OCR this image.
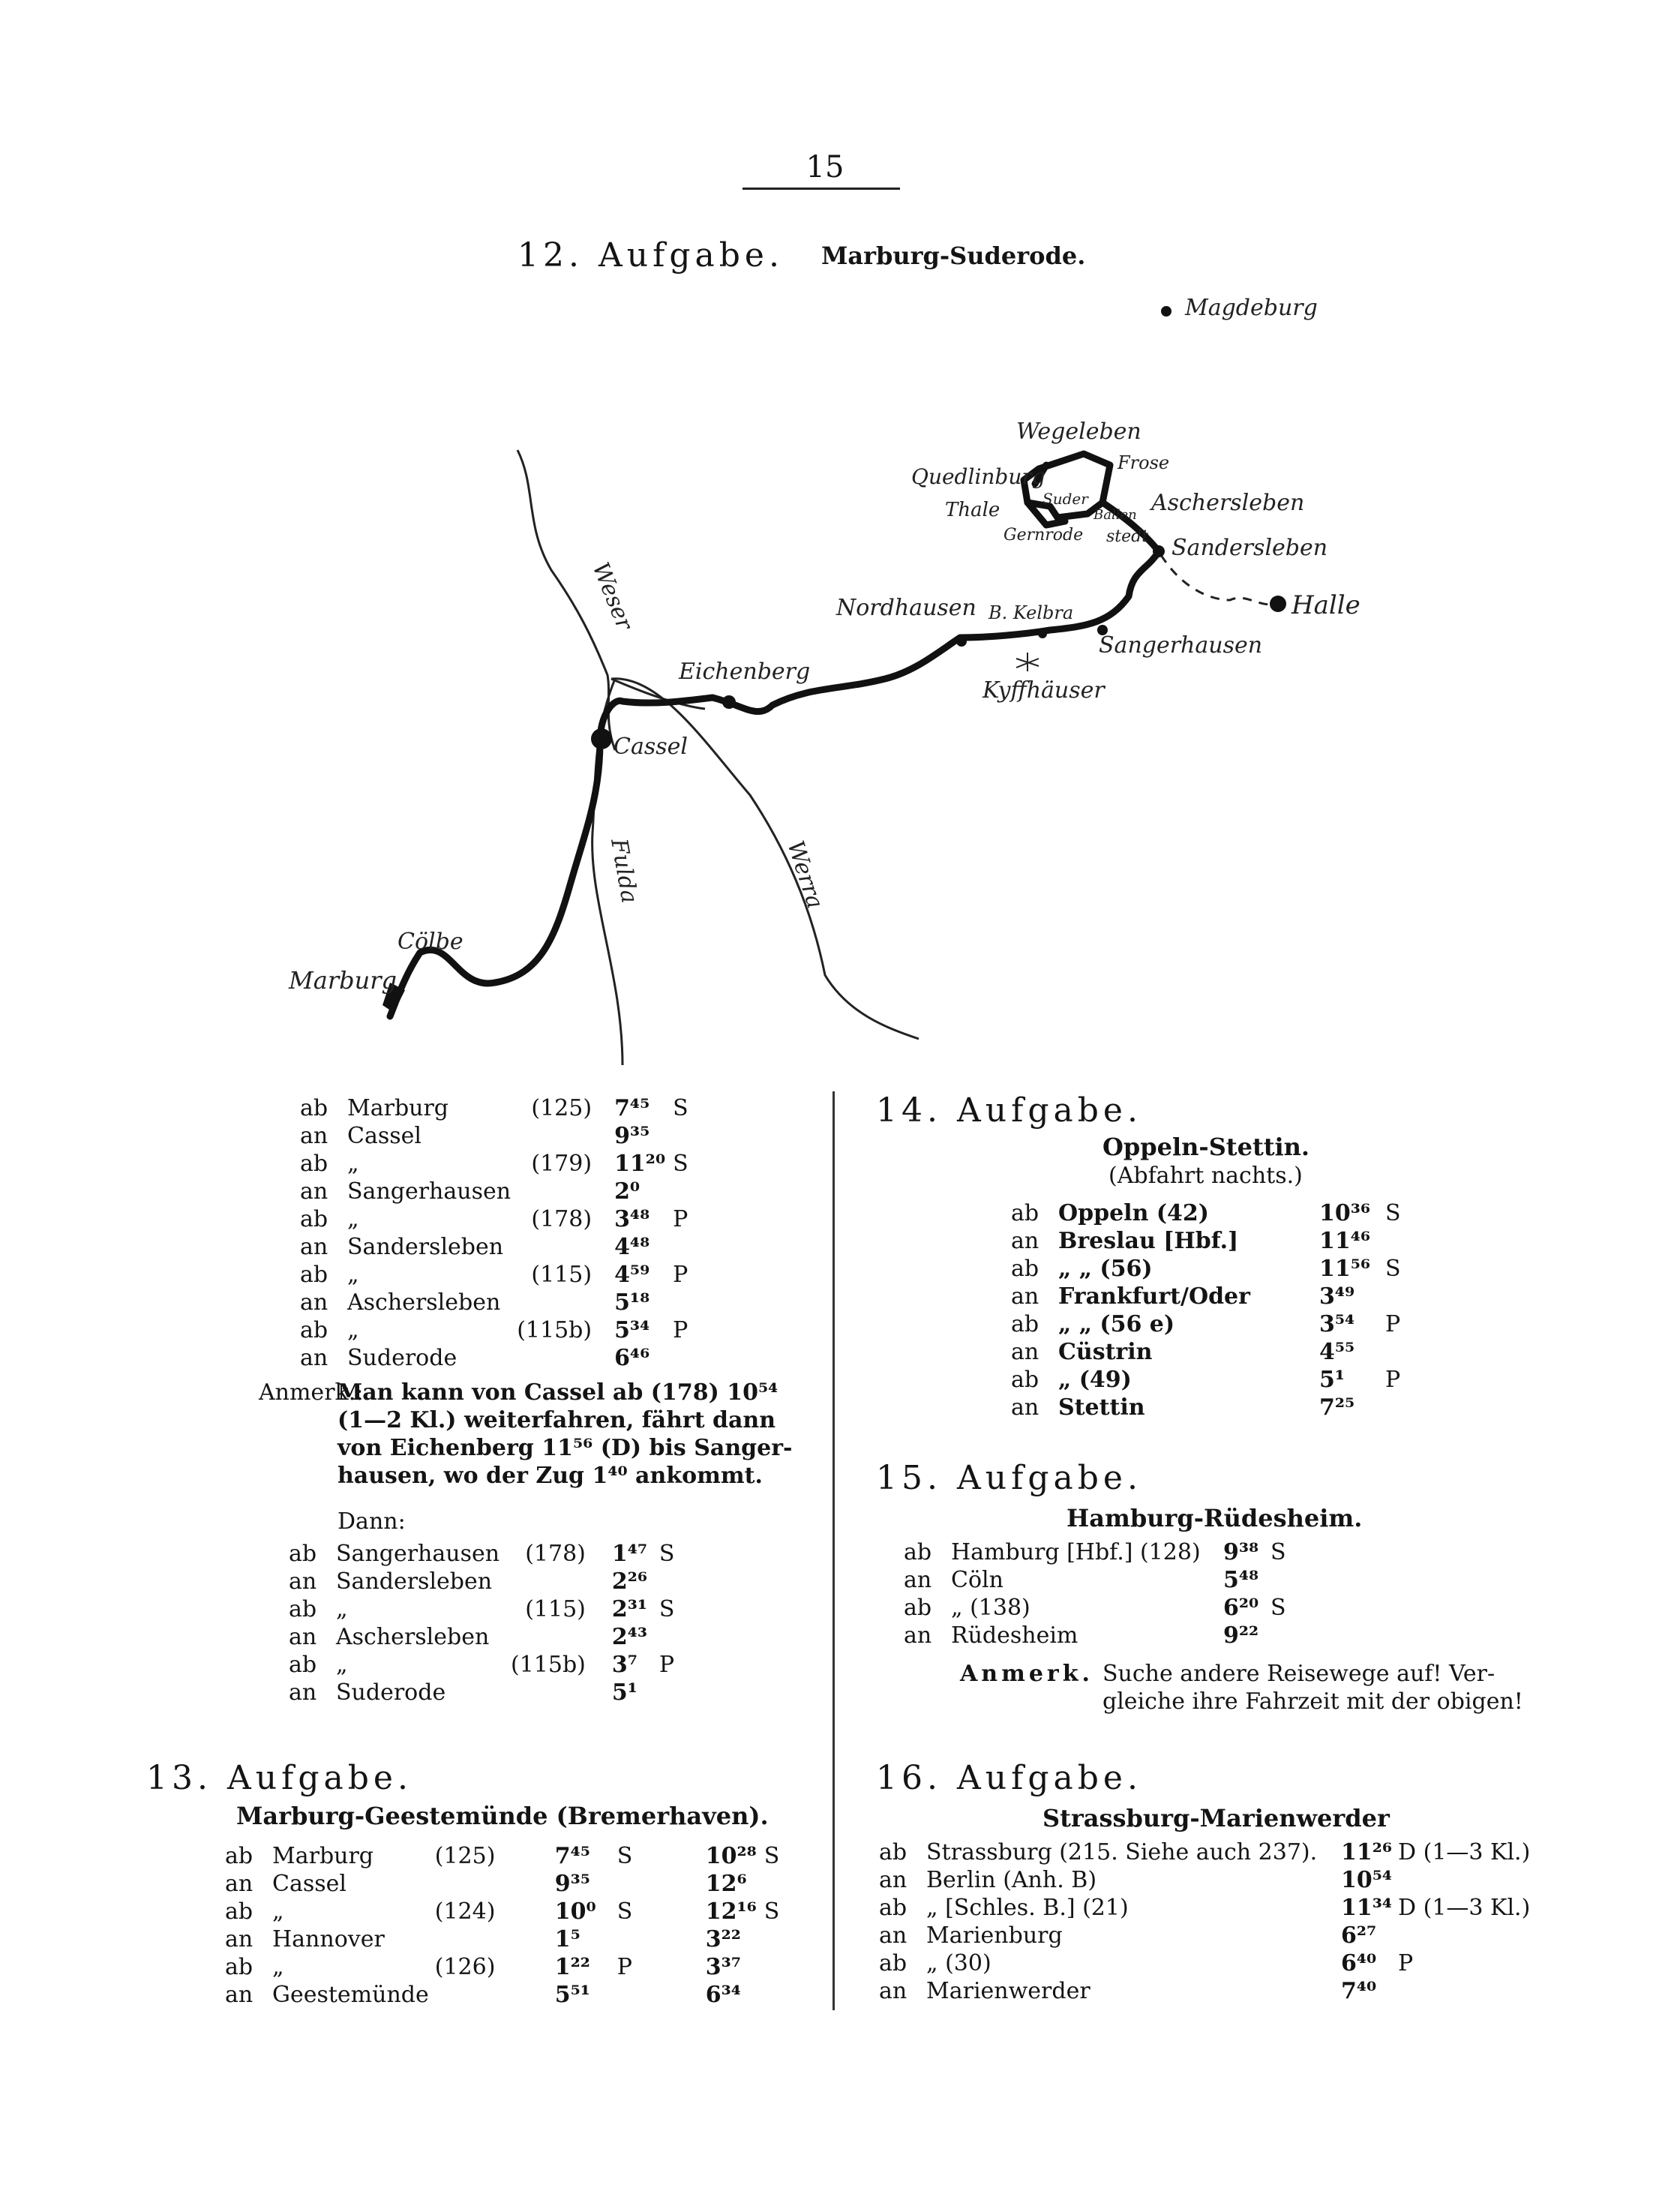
15
12. Aufgabe. Marburg-Suderode.
Magdeburg
Wegeleben
Frose
Quedlinburg
Thale	Suder
Ballen
Gernrode stedt
Aschersleben
Sandersleben
Halle
Nordhausen B. Kelbra
Sangerhausen
Kyffhäuser
Eichenberg
Cassel
Cölbe
Marburg
Weser
Fulda	Werra
ab	Marburg	(125)	7⁴⁵	S
an	Cassel		9³⁵	
ab	„	(179)	11²⁰	S
an	Sangerhausen		2⁰	
ab	„	(178)	3⁴⁸	P
an	Sandersleben		4⁴⁸	
ab	„	(115)	4⁵⁹	P
an	Aschersleben		5¹⁸	
ab	„	(115b)	5³⁴	P
an	Suderode		6⁴⁶	
Anmerk.:
Man kann von Cassel ab (178) 10⁵⁴
(1—2 Kl.) weiterfahren, fährt dann
von Eichenberg 11⁵⁶ (D) bis Sanger-
hausen, wo der Zug 1⁴⁰ ankommt.
Dann:
ab	Sangerhausen	(178)	1⁴⁷	S
an	Sandersleben		2²⁶	
ab	„	(115)	2³¹	S
an	Aschersleben		2⁴³	
ab	„	(115b)	3⁷	P
an	Suderode		5¹	
13. Aufgabe.
Marburg-Geestemünde (Bremerhaven).
ab	Marburg	(125)	7⁴⁵	S	10²⁸	S
an	Cassel		9³⁵		12⁶	
ab	„	(124)	10⁰	S	12¹⁶	S
an	Hannover		1⁵		3²²	
ab	„	(126)	1²²	P	3³⁷	
an	Geestemünde		5⁵¹		6³⁴	
14. Aufgabe.
Oppeln-Stettin.
(Abfahrt nachts.)
ab	Oppeln (42)	10³⁶	S
an	Breslau [Hbf.]	11⁴⁶	
ab	„ „ (56)	11⁵⁶	S
an	Frankfurt/Oder	3⁴⁹	
ab	„ „ (56 e)	3⁵⁴	P
an	Cüstrin	4⁵⁵	
ab	„ (49)	5¹	P
an	Stettin	7²⁵	
15. Aufgabe.
Hamburg-Rüdesheim.
ab	Hamburg [Hbf.] (128)	9³⁸	S
an	Cöln	5⁴⁸	
ab	„ (138)	6²⁰	S
an	Rüdesheim	9²²	
Anmerk. Suche andere Reisewege auf! Ver-
gleiche ihre Fahrzeit mit der obigen!
16. Aufgabe.
Strassburg-Marienwerder
ab	Strassburg (215. Siehe auch 237).	11²⁶	D (1—3 Kl.)
an	Berlin (Anh. B)	10⁵⁴	
ab	„ [Schles. B.] (21)	11³⁴	D (1—3 Kl.)
an	Marienburg	6²⁷	
ab	„ (30)	6⁴⁰	P
an	Marienwerder	7⁴⁰	
